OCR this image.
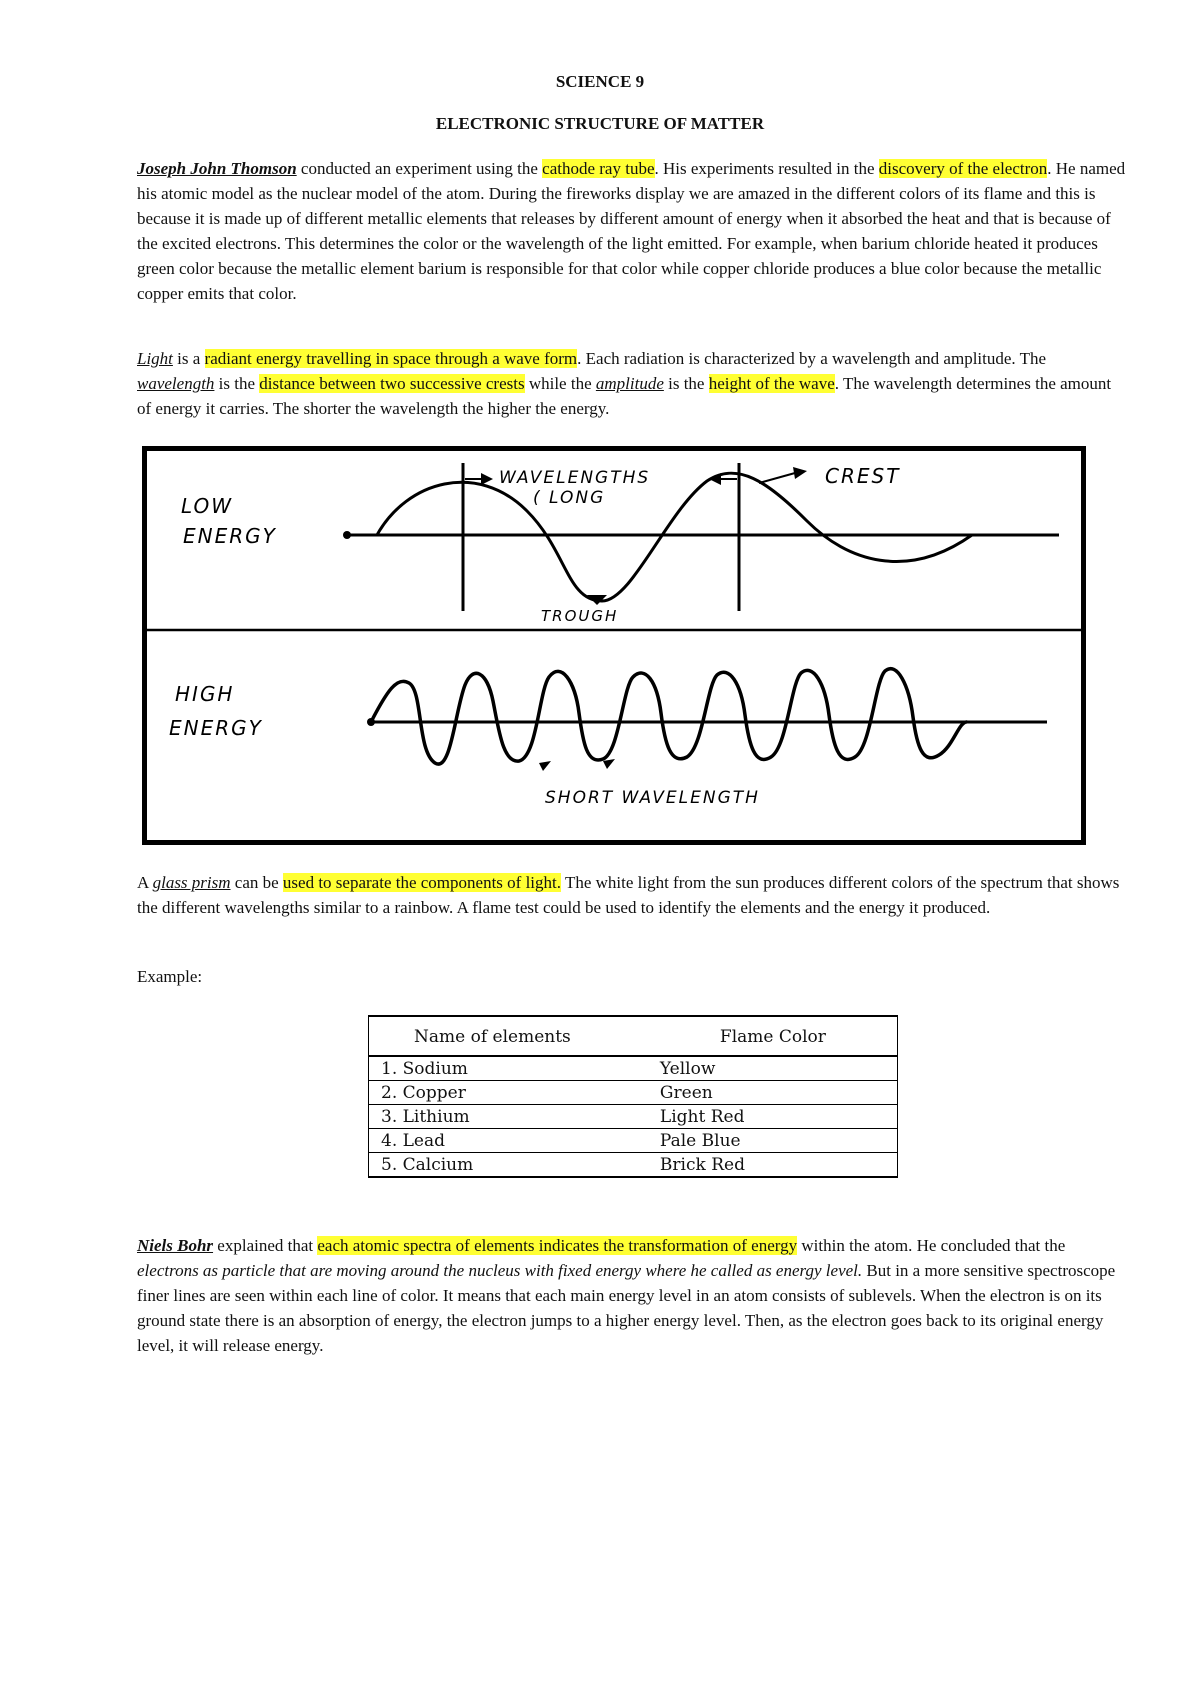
SCIENCE 9
ELECTRONIC STRUCTURE OF MATTER

Joseph John Thomson conducted an experiment using the cathode ray tube. His experiments resulted in the discovery of the electron. He named his atomic model as the nuclear model of the atom. During the fireworks display we are amazed in the different colors of its flame and this is because it is made up of different metallic elements that releases by different amount of energy when it absorbed the heat and that is because of the excited electrons. This determines the color or the wavelength of the light emitted. For example, when barium chloride heated it produces green color because the metallic element barium is responsible for that color while copper chloride produces a blue color because the metallic copper emits that color.

Light is a radiant energy travelling in space through a wave form. Each radiation is characterized by a wavelength and amplitude. The wavelength is the distance between two successive crests while the amplitude is the height of the wave. The wavelength determines the amount of energy it carries. The shorter the wavelength the higher the energy.

LOW
ENERGY
WAVELENGTHS
( LONG
CREST
TROUGH
HIGH
ENERGY
SHORT WAVELENGTH

A glass prism can be used to separate the components of light. The white light from the sun produces different colors of the spectrum that shows the different wavelengths similar to a rainbow. A flame test could be used to identify the elements and the energy it produced.

Example:

Name of elements	Flame Color
1. Sodium	Yellow
2. Copper	Green
3. Lithium	Light Red
4. Lead	Pale Blue
5. Calcium	Brick Red

Niels Bohr explained that each atomic spectra of elements indicates the transformation of energy within the atom. He concluded that the electrons as particle that are moving around the nucleus with fixed energy where he called as energy level. But in a more sensitive spectroscope finer lines are seen within each line of color. It means that each main energy level in an atom consists of sublevels. When the electron is on its ground state there is an absorption of energy, the electron jumps to a higher energy level. Then, as the electron goes back to its original energy level, it will release energy.
